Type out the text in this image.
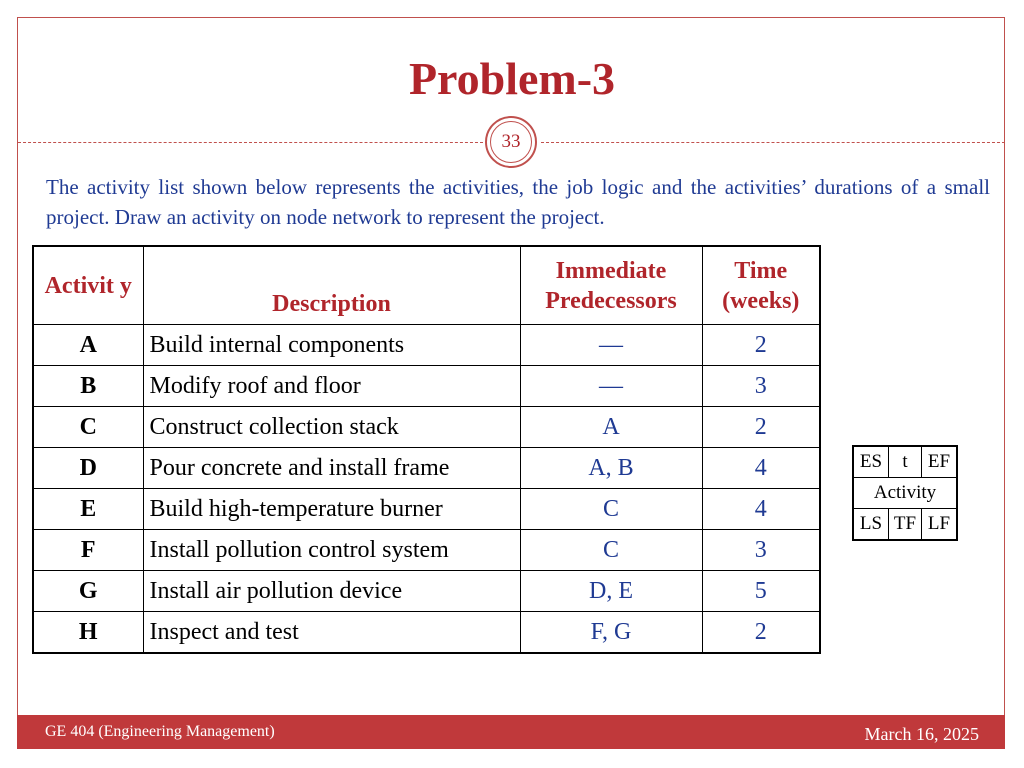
Problem-3
33
The activity list shown below represents the activities, the job logic and the activities’ durations of a small project. Draw an activity on node network to represent the project.
Activit y	Description	Immediate Predecessors	Time (weeks)
A	Build internal components	—	2
B	Modify roof and floor	—	3
C	Construct collection stack	A	2
D	Pour concrete and install frame	A, B	4
E	Build high-temperature burner	C	4
F	Install pollution control system	C	3
G	Install air pollution device	D, E	5
H	Inspect and test	F, G	2
ES	t	EF
Activity		
LS	TF	LF
GE 404 (Engineering Management)	March 16, 2025
